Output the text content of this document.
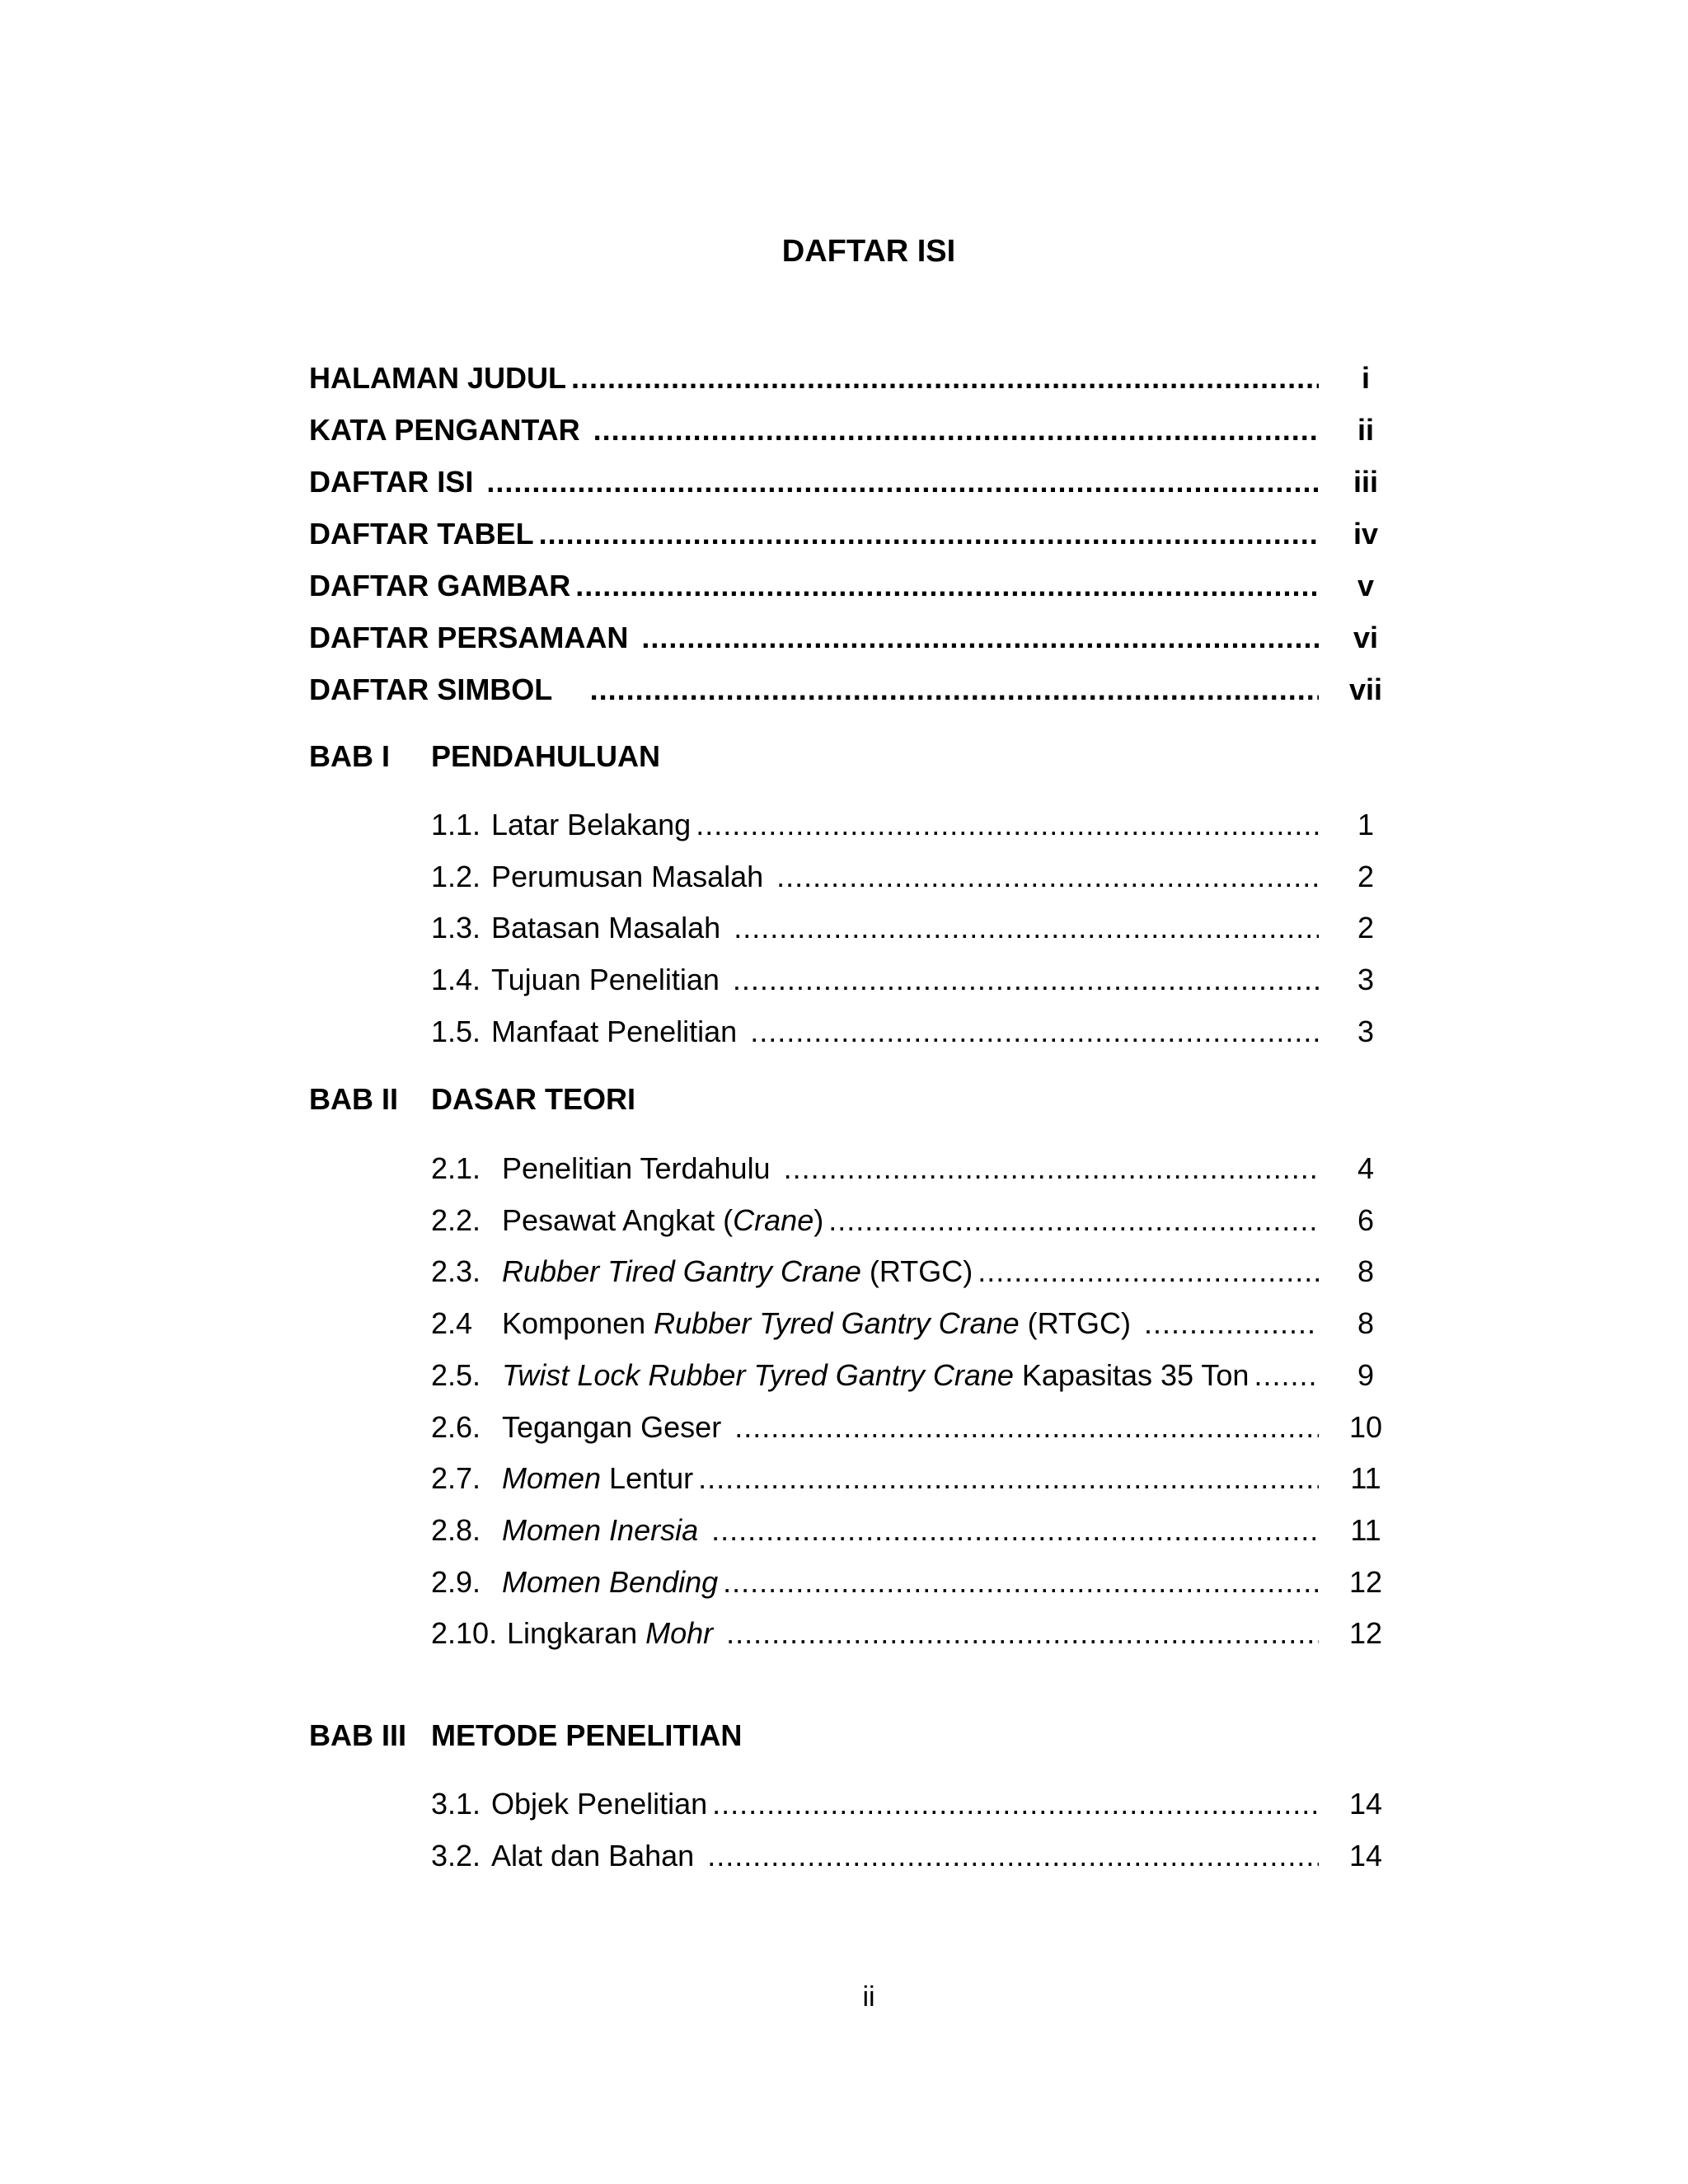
DAFTAR ISI
HALAMAN JUDUL .....	i
KATA PENGANTAR .....	ii
DAFTAR ISI .....	iii
DAFTAR TABEL .....	iv
DAFTAR GAMBAR .....	v
DAFTAR PERSAMAAN .....	vi
DAFTAR SIMBOL .....	vii
BAB I PENDAHULUAN
1.1. Latar Belakang .....	1
1.2. Perumusan Masalah .....	2
1.3. Batasan Masalah .....	2
1.4. Tujuan Penelitian .....	3
1.5. Manfaat Penelitian .....	3
BAB II DASAR TEORI
2.1. Penelitian Terdahulu .....	4
2.2. Pesawat Angkat (Crane) .....	6
2.3. Rubber Tired Gantry Crane (RTGC) .....	8
2.4 Komponen Rubber Tyred Gantry Crane (RTGC) .....	8
2.5. Twist Lock Rubber Tyred Gantry Crane Kapasitas 35 Ton .....	9
2.6. Tegangan Geser .....	10
2.7. Momen Lentur .....	11
2.8. Momen Inersia .....	11
2.9. Momen Bending .....	12
2.10. Lingkaran Mohr .....	12
BAB III METODE PENELITIAN
3.1. Objek Penelitian .....	14
3.2. Alat dan Bahan .....	14
ii
